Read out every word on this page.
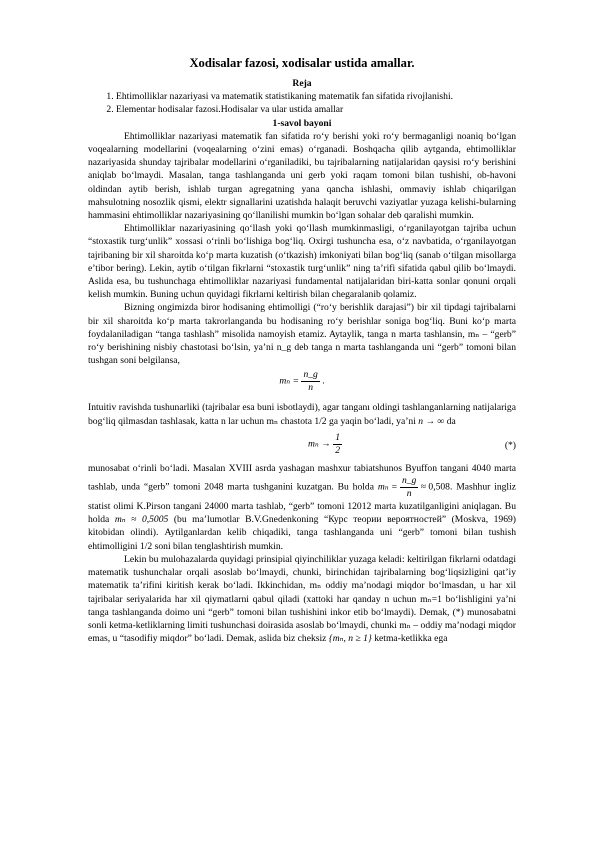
Xodisalar fazosi, xodisalar ustida amallar.
Reja
1. Ehtimolliklar nazariyasi va matematik statistikaning matematik fan sifatida rivojlanishi.
2. Elementar hodisalar fazosi.Hodisalar va ular ustida amallar
1-savol bayoni

Ehtimolliklar nazariyasi matematik fan sifatida ro‘y berishi yoki ro‘y bermaganligi noaniq bo‘lgan voqealarning modellarini (voqealarning o‘zini emas) o‘rganadi. Boshqacha qilib aytganda, ehtimolliklar nazariyasida shunday tajribalar modellarini o‘rganiladiki, bu tajribalarning natijalaridan qaysisi ro‘y berishini aniqlab bo‘lmaydi. Masalan, tanga tashlanganda uni gerb yoki raqam tomoni bilan tushishi, ob-havoni oldindan aytib berish, ishlab turgan agregatning yana qancha ishlashi, ommaviy ishlab chiqarilgan mahsulotning nosozlik qismi, elektr signallarini uzatishda halaqit beruvchi vaziyatlar yuzaga kelishi-bularning hammasini ehtimolliklar nazariyasining qo‘llanilishi mumkin bo‘lgan sohalar deb qaralishi mumkin.

Ehtimolliklar nazariyasining qo‘llash yoki qo‘llash mumkinmasligi, o‘rganilayotgan tajriba uchun “stoxastik turg‘unlik” xossasi o‘rinli bo‘lishiga bog‘liq. Oxirgi tushuncha esa, o‘z navbatida, o‘rganilayotgan tajribaning bir xil sharoitda ko‘p marta kuzatish (o‘tkazish) imkoniyati bilan bog‘liq (sanab o‘tilgan misollarga e’tibor bering). Lekin, aytib o‘tilgan fikrlarni “stoxastik turg‘unlik” ning ta’rifi sifatida qabul qilib bo‘lmaydi. Aslida esa, bu tushunchaga ehtimolliklar nazariyasi fundamental natijalaridan biri-katta sonlar qonuni orqali kelish mumkin. Buning uchun quyidagi fikrlarni keltirish bilan chegaralanib qolamiz.

Bizning ongimizda biror hodisaning ehtimolligi (“ro‘y berishlik darajasi”) bir xil tipdagi tajribalarni bir xil sharoitda ko‘p marta takrorlanganda bu hodisaning ro‘y berishlar soniga bog‘liq. Buni ko‘p marta foydalaniladigan “tanga tashlash” misolida namoyish etamiz. Aytaylik, tanga n marta tashlansin, mₙ – “gerb” ro‘y berishining nisbiy chastotasi bo‘lsin, ya’ni n_g deb tanga n marta tashlanganda uni “gerb” tomoni bilan tushgan soni belgilansa,

$m_n = \frac{n\_g}{n}$ .

Intuitiv ravishda tushunarliki (tajribalar esa buni isbotlaydi), agar tanganı oldingi tashlanganlarning natijalariga bog‘liq qilmasdan tashlasak, katta n lar uchun mₙ chastota 1/2 ga yaqin bo‘ladi, ya’ni n → ∞ da

$m_n \to \frac{1}{2}$	(*)

munosabat o‘rinli bo‘ladi. Masalan XVIII asrda yashagan mashxur tabiatshunos Byuffon tangani 4040 marta tashlab, unda “gerb” tomoni 2048 marta tushganini kuzatgan. Bu holda $m_n = \frac{n\_g}{n} \approx 0,508$. Mashhur ingliz statist olimi K.Pirson tangani 24000 marta tashlab, “gerb” tomoni 12012 marta kuzatilganligini aniqlagan. Bu holda mₙ ≈ 0,5005 (bu ma’lumotlar B.V.Gnedenkoning “Курс теории вероятностей” (Moskva, 1969) kitobidan olindi). Aytilganlardan kelib chiqadiki, tanga tashlanganda uni “gerb” tomoni bilan tushish ehtimolligini 1/2 soni bilan tenglashtirish mumkin.

Lekin bu mulohazalarda quyidagi prinsipial qiyinchiliklar yuzaga keladi: keltirilgan fikrlarni odatdagi matematik tushunchalar orqali asoslab bo‘lmaydi, chunki, birinchidan tajribalarning bog‘liqsizligini qat’iy matematik ta’rifini kiritish kerak bo‘ladi. Ikkinchidan, mₙ oddiy ma’nodagi miqdor bo‘lmasdan, u har xil tajribalar seriyalarida har xil qiymatlarni qabul qiladi (xattoki har qanday n uchun mₙ=1 bo‘lishligini ya’ni tanga tashlanganda doimo uni “gerb” tomoni bilan tushishini inkor etib bo‘lmaydi). Demak, (*) munosabatni sonli ketma-ketliklarning limiti tushunchasi doirasida asoslab bo‘lmaydi, chunki mₙ – oddiy ma’nodagi miqdor emas, u “tasodifiy miqdor” bo‘ladi. Demak, aslida biz cheksiz {mₙ, n ≥ 1} ketma-ketlikka ega
